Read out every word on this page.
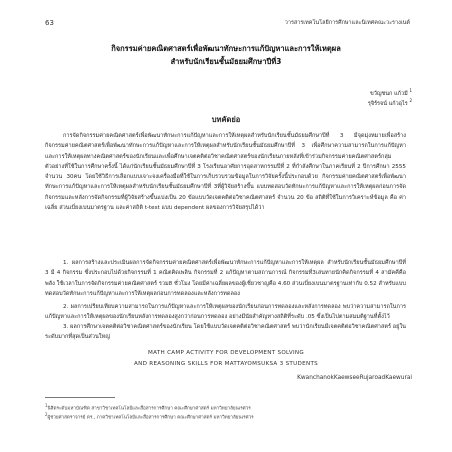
63	วารสารเทคโนโลยีการศึกษาและนิเทศคณะวะรางเนต์
กิจกรรมค่ายคณิตศาสตร์เพื่อพัฒนาทักษะการแก้ปัญหาและการให้เหตุผล
สำหรับนักเรียนชั้นมัธยมศึกษาปีที่3
ขวัญชนก แก้วมี $^1$
รุจิร์รจน์ แก้วอุไร $^2$
บทคัดย่อ
การจัดกิจกรรมค่ายคณิตศาสตร์เพื่อพัฒนาทักษะการแก้ปัญหาและการให้เหตุผลสำหรับนักเรียนชั้นมัธยมศึกษาปีที่ 3 มีจุดมุ่งหมายเพื่อสร้างกิจกรรมค่ายคณิตศาสตร์เพื่อพัฒนาทักษะการแก้ปัญหาและการให้เหตุผลสำหรับนักเรียนชั้นมัธยมศึกษาปีที่ 3 เพื่อศึกษาความสามารถในการแก้ปัญหา และการให้เหตุผลทางคณิตศาสตร์ของนักเรียนและเพื่อศึกษาเจตคติต่อวิชาคณิตศาสตร์ของนักเรียนภายหลังที่เข้าร่วมกิจกรรมค่ายคณิตศาสตร์กลุ่มตัวอย่างที่ใช้ในการศึกษาครั้งนี้ ได้แก่นักเรียนชั้นมัธยมศึกษาปีที่ 3 โรงเรียนอาศัยการอุดสาหกรรมปีที่ 2 ที่กำลังศึกษาในภาคเรียนที่ 2 ปีการศึกษา 2555 จำนวน 30คน โดยใช้วิธีการเลือกแบบเจาะจงเครื่องมือที่ใช้ในการเก็บรวบรวมข้อมูลในการวิจัยครั้งนี้ประกอบด้วย กิจกรรมค่ายคณิตศาสตร์เพื่อพัฒนาทักษะการแก้ปัญหาและการให้เหตุผลสำหรับนักเรียนชั้นมัธยมศึกษาปีที่ 3ที่ผู้วิจัยสร้างขึ้น แบบทดสอบวัดทักษะการแก้ปัญหาและการให้เหตุผลก่อนการจัดกิจกรรมและหลังการจัดกิจกรรมที่ผู้วิจัยสร้างขึ้นแบ่งเป็น 20 ข้อแบบวัดเจตคติต่อวิชาคณิตศาสตร์ จำนวน 20 ข้อ สถิติที่ใช้ในการวิเคราะห์ข้อมูล คือ ค่าเฉลี่ย ส่วนเบี่ยงเบนมาตรฐาน และค่าสถิติ t-test แบบ dependent ผลของการวิจัยสรุปได้ว่า
1. ผลการสร้างและประเมินผลการจัดกิจกรรมค่ายคณิตศาสตร์เพื่อพัฒนาทักษะการแก้ปัญหาและการให้เหตุผล สำหรับนักเรียนชั้นมัธยมศึกษาปีที่ 3 มี 4 กิจกรรม ซึ่งประกอบไปด้วยกิจกรรมที่ 1 คณิตคิดเพลิน กิจกรรมที่ 2 แก้ปัญหาตามสถานการณ์ กิจกรรมที่3เล่นทายนักคิดกิจกรรมที่ 4 สามัคคีคือพลัง ใช้เวลาในการจัดกิจกรรมค่ายคณิตศาสตร์ รวม8 ชั่วโมง โดยมีค่าเฉลี่ยผลของผู้เชี่ยวชาญคือ 4.60 ส่วนเบี่ยงเบนมาตรฐานเท่ากับ 0.52 สำหรับแบบทดสอบวัดทักษะการแก้ปัญหาและการให้เหตุผลก่อนการทดลองและหลังการทดลอง
2. ผลการเปรียบเทียบความสามารถในการแก้ปัญหาและการให้เหตุผลของนักเรียนก่อนการทดลองและหลังการทดลอง พบว่าความสามารถในการแก้ปัญหาและการให้เหตุผลของนักเรียนหลังการทดลองสูงกว่าก่อนการทดลอง อย่างมีนัยสำคัญทางสถิติที่ระดับ .05 ซึ่งเป็นไปตามสมมติฐานที่ตั้งไว้
3. ผลการศึกษาเจตคติต่อวิชาคณิตศาสตร์ของนักเรียน โดยใช้แบบวัดเจตคติต่อวิชาคณิตศาสตร์ พบว่านักเรียนมีเจตคติต่อวิชาคณิตศาสตร์ อยู่ในระดับมากที่สุดเป็นส่วนใหญ่
MATH CAMP ACTIVITY FOR DEVELOPMENT SOLVING
AND REASONING SKILLS FOR MATTAYOMSUKSA 3 STUDENTS
KwanchanokKaewseeRujaroadKaewurai
$^1$นิสิตระดับมหาบัณฑิต สาขาวิชาเทคโนโลยีและสื่อสารการศึกษา คณะศึกษาศาสตร์ มหาวิทยาลัยนเรศวร
$^2$ผู้ช่วยศาสตราจารย์ ดร., ภาควิชาเทคโนโลยีและสื่อสารการศึกษา คณะศึกษาศาสตร์ มหาวิทยาลัยนเรศวร
